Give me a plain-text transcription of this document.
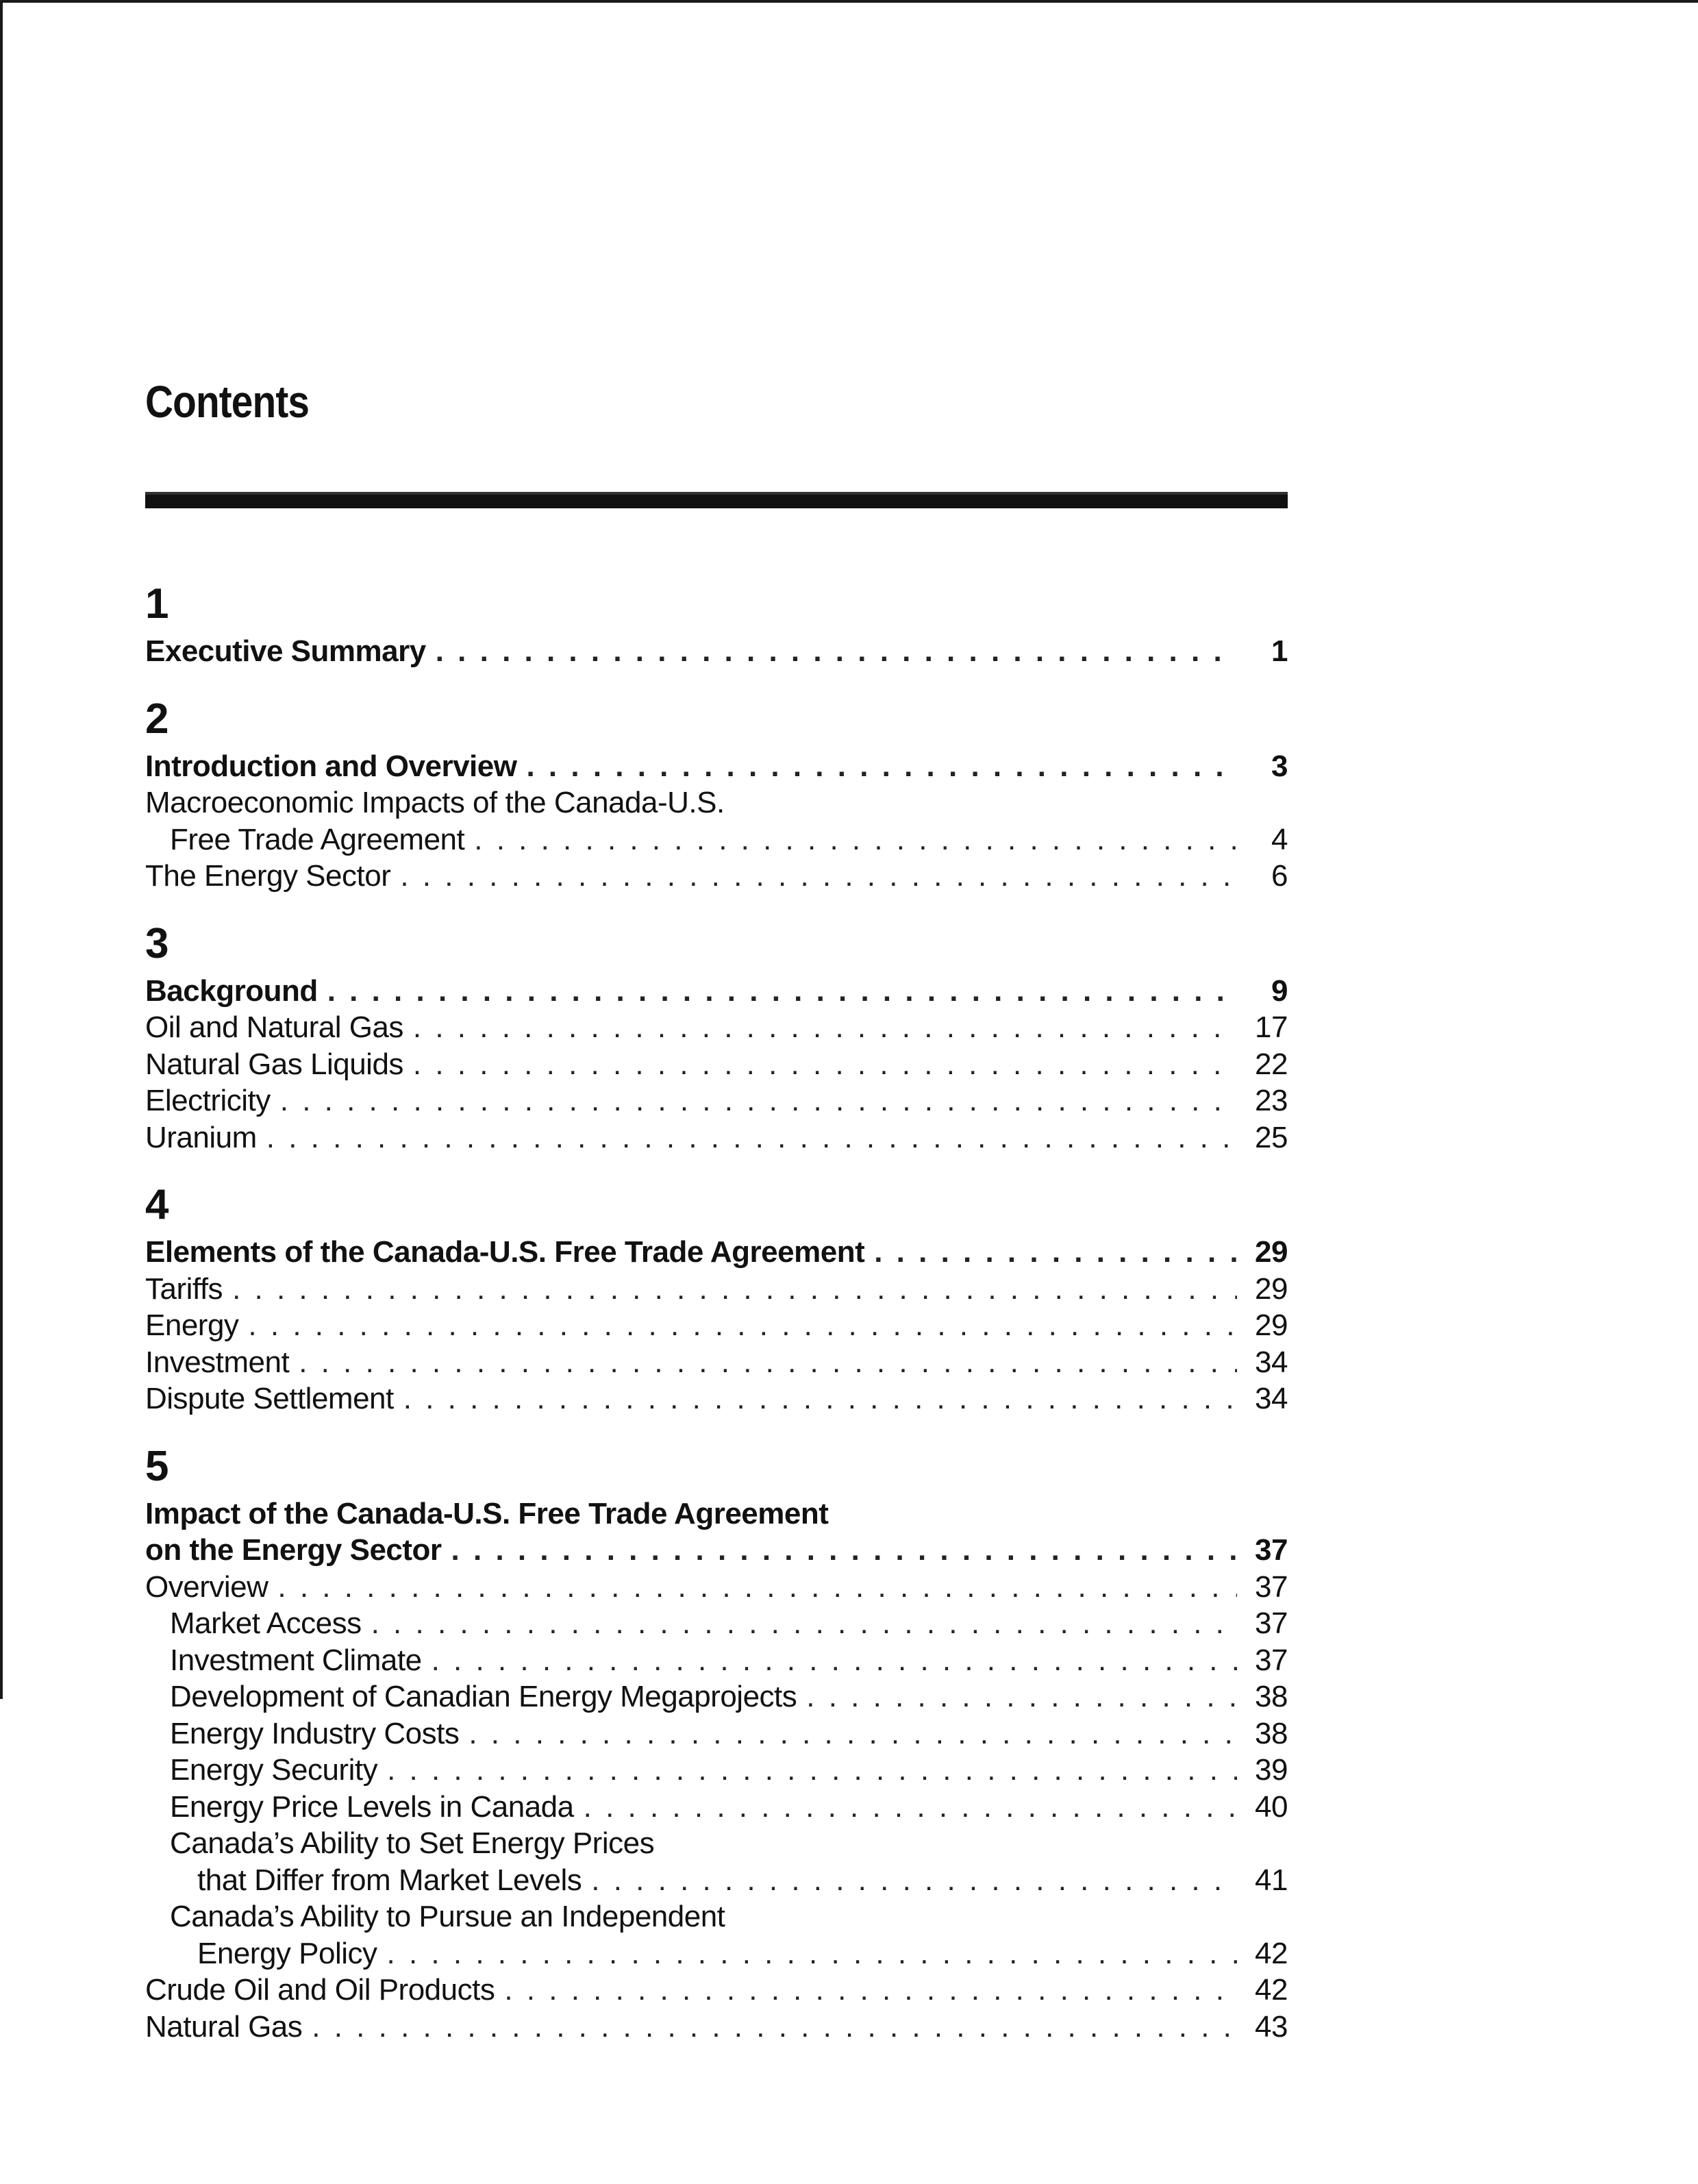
Contents
1
Executive Summary . . .	1
2
Introduction and Overview . . .	3
Macroeconomic Impacts of the Canada-U.S.
Free Trade Agreement . . .	4
The Energy Sector . . .	6
3
Background . . .	9
Oil and Natural Gas . . .	17
Natural Gas Liquids . . .	22
Electricity . . .	23
Uranium . . .	25
4
Elements of the Canada-U.S. Free Trade Agreement . . .	29
Tariffs . . .	29
Energy . . .	29
Investment . . .	34
Dispute Settlement . . .	34
5
Impact of the Canada-U.S. Free Trade Agreement
on the Energy Sector . . .	37
Overview . . .	37
Market Access . . .	37
Investment Climate . . .	37
Development of Canadian Energy Megaprojects . . .	38
Energy Industry Costs . . .	38
Energy Security . . .	39
Energy Price Levels in Canada . . .	40
Canada’s Ability to Set Energy Prices
that Differ from Market Levels . . .	41
Canada’s Ability to Pursue an Independent
Energy Policy . . .	42
Crude Oil and Oil Products . . .	42
Natural Gas . . .	43
